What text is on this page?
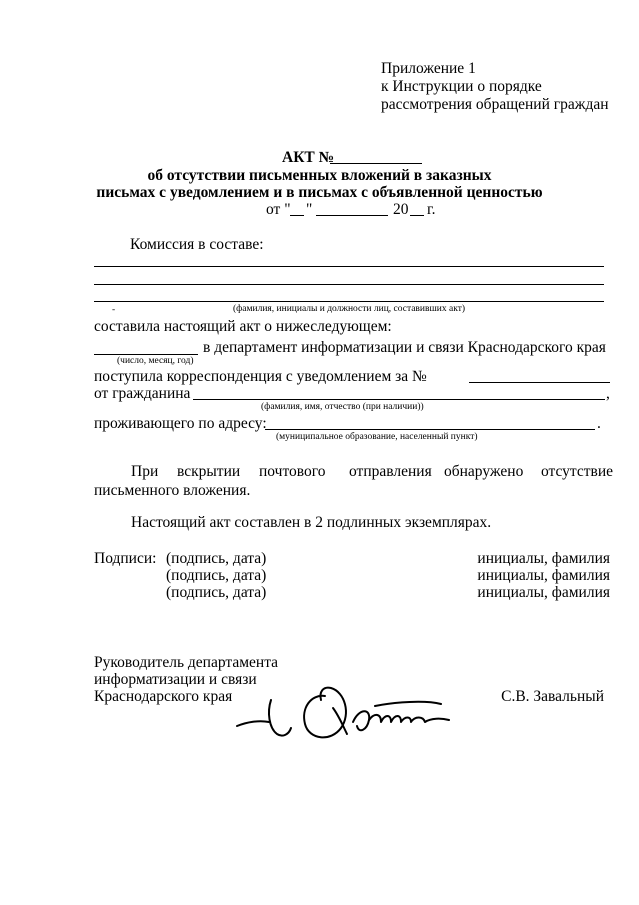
Приложение 1
к Инструкции о порядке
рассмотрения обращений граждан
АКТ №
об отсутствии письменных вложений в заказных
письмах с уведомлением и в письмах с объявленной ценностью
от " "	20 г.
Комиссия в составе:
-	(фамилия, инициалы и должности лиц, составивших акт)
составила настоящий акт о нижеследующем:
в департамент информатизации и связи Краснодарского края
(число, месяц, год)
поступила корреспонденция с уведомлением за №
от гражданина	,
(фамилия, имя, отчество (при наличии))
проживающего по адресу:	.
(муниципальное образование, населенный пункт)
При вскрытии почтового отправления обнаружено отсутствие
письменного вложения.
Настоящий акт составлен в 2 подлинных экземплярах.
Подписи: (подпись, дата)	инициалы, фамилия
(подпись, дата)	инициалы, фамилия
(подпись, дата)	инициалы, фамилия
Руководитель департамента
информатизации и связи
Краснодарского края	С.В. Завальный
